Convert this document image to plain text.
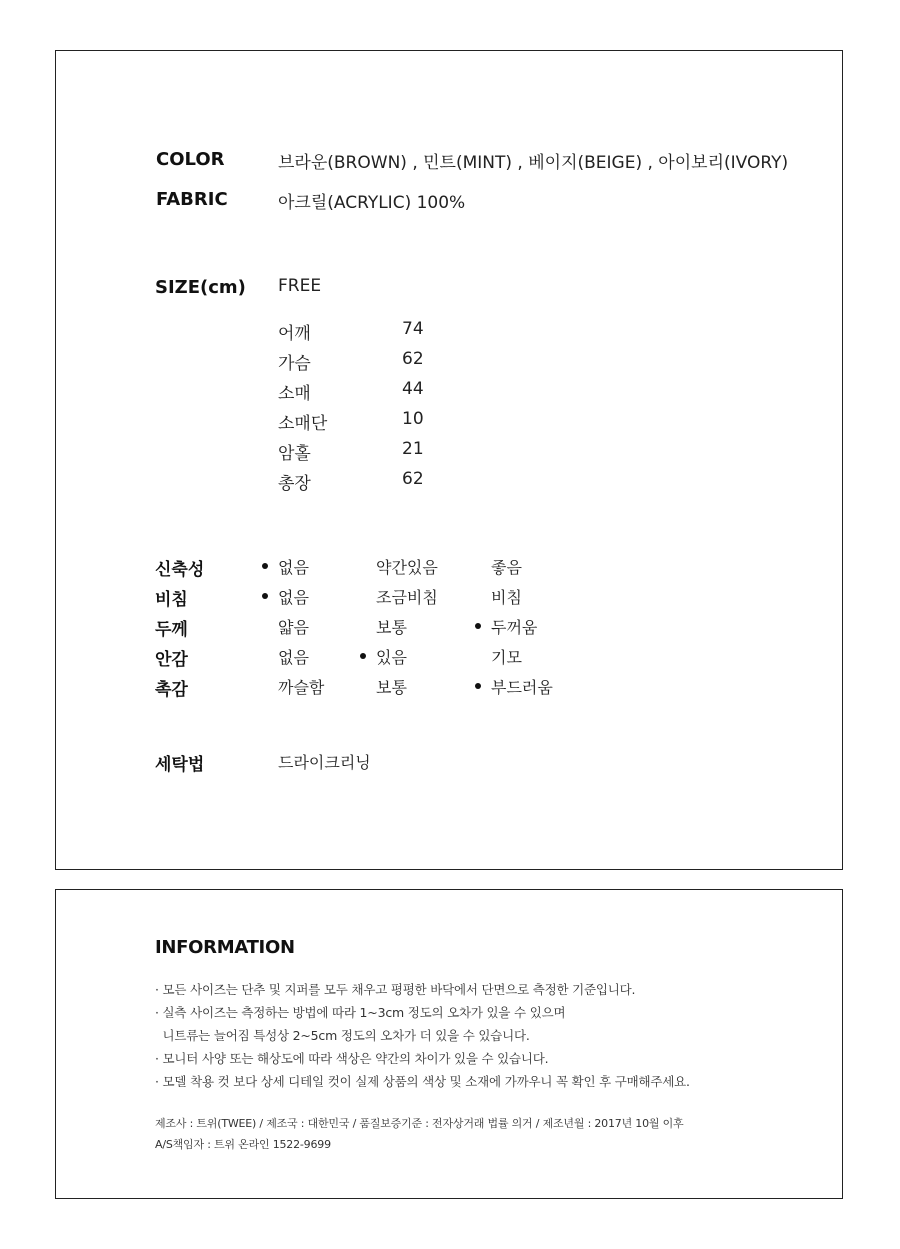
COLOR	브라운(BROWN) , 민트(MINT) , 베이지(BEIGE) , 아이보리(IVORY)
FABRIC	아크릴(ACRYLIC) 100%
SIZE(cm) FREE
어깨	74
가슴	62
소매	44
소매단	10
암홀	21
총장	62
신축성	없음	약간있음	좋음
비침	없음	조금비침	비침
두께	얇음	보통	두꺼움
안감	없음	있음	기모
촉감	까슬함	보통	부드러움
세탁법	드라이크리닝
INFORMATION
· 모든 사이즈는 단추 및 지퍼를 모두 채우고 평평한 바닥에서 단면으로 측정한 기준입니다.
· 실측 사이즈는 측정하는 방법에 따라 1~3cm 정도의 오차가 있을 수 있으며
니트류는 늘어짐 특성상 2~5cm 정도의 오차가 더 있을 수 있습니다.
· 모니터 사양 또는 해상도에 따라 색상은 약간의 차이가 있을 수 있습니다.
· 모델 착용 컷 보다 상세 디테일 컷이 실제 상품의 색상 및 소재에 가까우니 꼭 확인 후 구매해주세요.
제조사 : 트위(TWEE) / 제조국 : 대한민국 / 품질보증기준 : 전자상거래 법률 의거 / 제조년월 : 2017년 10월 이후
A/S책임자 : 트위 온라인 1522-9699
